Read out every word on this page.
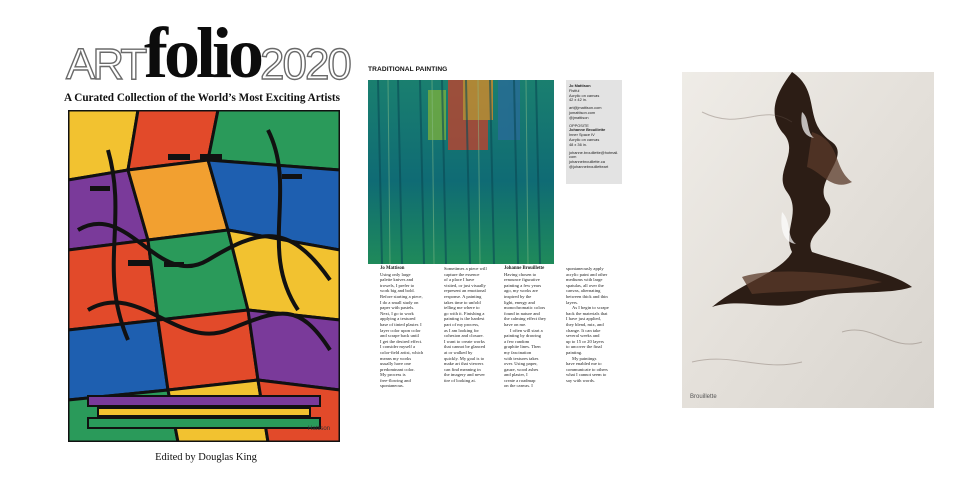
ART folio 2020
A Curated Collection of the World’s Most Exciting Artists
Hattison
Edited by Douglas King
TRADITIONAL PAINTING
Jo Mattison
Fistful
Acrylic on canvas
42 x 42 in.
art@jmattison.com
jomattison.com
@jmattison
OPPOSITE
Johanne Brouillette
Inner Space IV
Acrylic on canvas
48 x 36 in.
johanne.brouillette@hotmail.
com
johannebrouillette.ca
@johannebrouilletteart
Jo Mattison
Using only large
palette knives and
trowels, I prefer to
work big and bold.
Before starting a piece,
I do a small study on
paper with pastels.
Next, I go to work
applying a textured
base of tinted plaster. I
layer color upon color
and scrape back until
I get the desired effect.
I consider myself a
color-field artist, which
means my works
usually have one
predominant color.
My process is
free-flowing and
spontaneous.
Sometimes a piece will
capture the essence
of a place I have
visited, or just visually
represent an emotional
response. A painting
takes time to unfold
telling me where to
go with it. Finishing a
painting is the hardest
part of my process,
as I am looking for
cohesion and closure.
I want to create works
that cannot be glanced
at or walked by
quickly. My goal is to
make art that viewers
can find meaning in
the imagery and never
tire of looking at.
Johanne Brouillette
Having chosen to
renounce figurative
painting a few years
ago, my works are
inspired by the
light, energy and
monochromatic colors
found in nature and
the calming effect they
have on me.
I often will start a
painting by drawing
a few random
graphite lines. Then
my fascination
with textures takes
over. Using paper,
gauze, wood ashes
and plaster, I
create a roadmap
on the canvas. I
spontaneously apply
acrylic paint and other
mediums with large
spatulas, all over the
canvas, alternating
between thick and thin
layers.
As I begin to scrape
back the materials that
I have just applied,
they blend, mix, and
change. It can take
several weeks and
up to 15 or 20 layers
to uncover the final
painting.
My paintings
have enabled me to
communicate to others
what I cannot seem to
say with words.
Brouillette
